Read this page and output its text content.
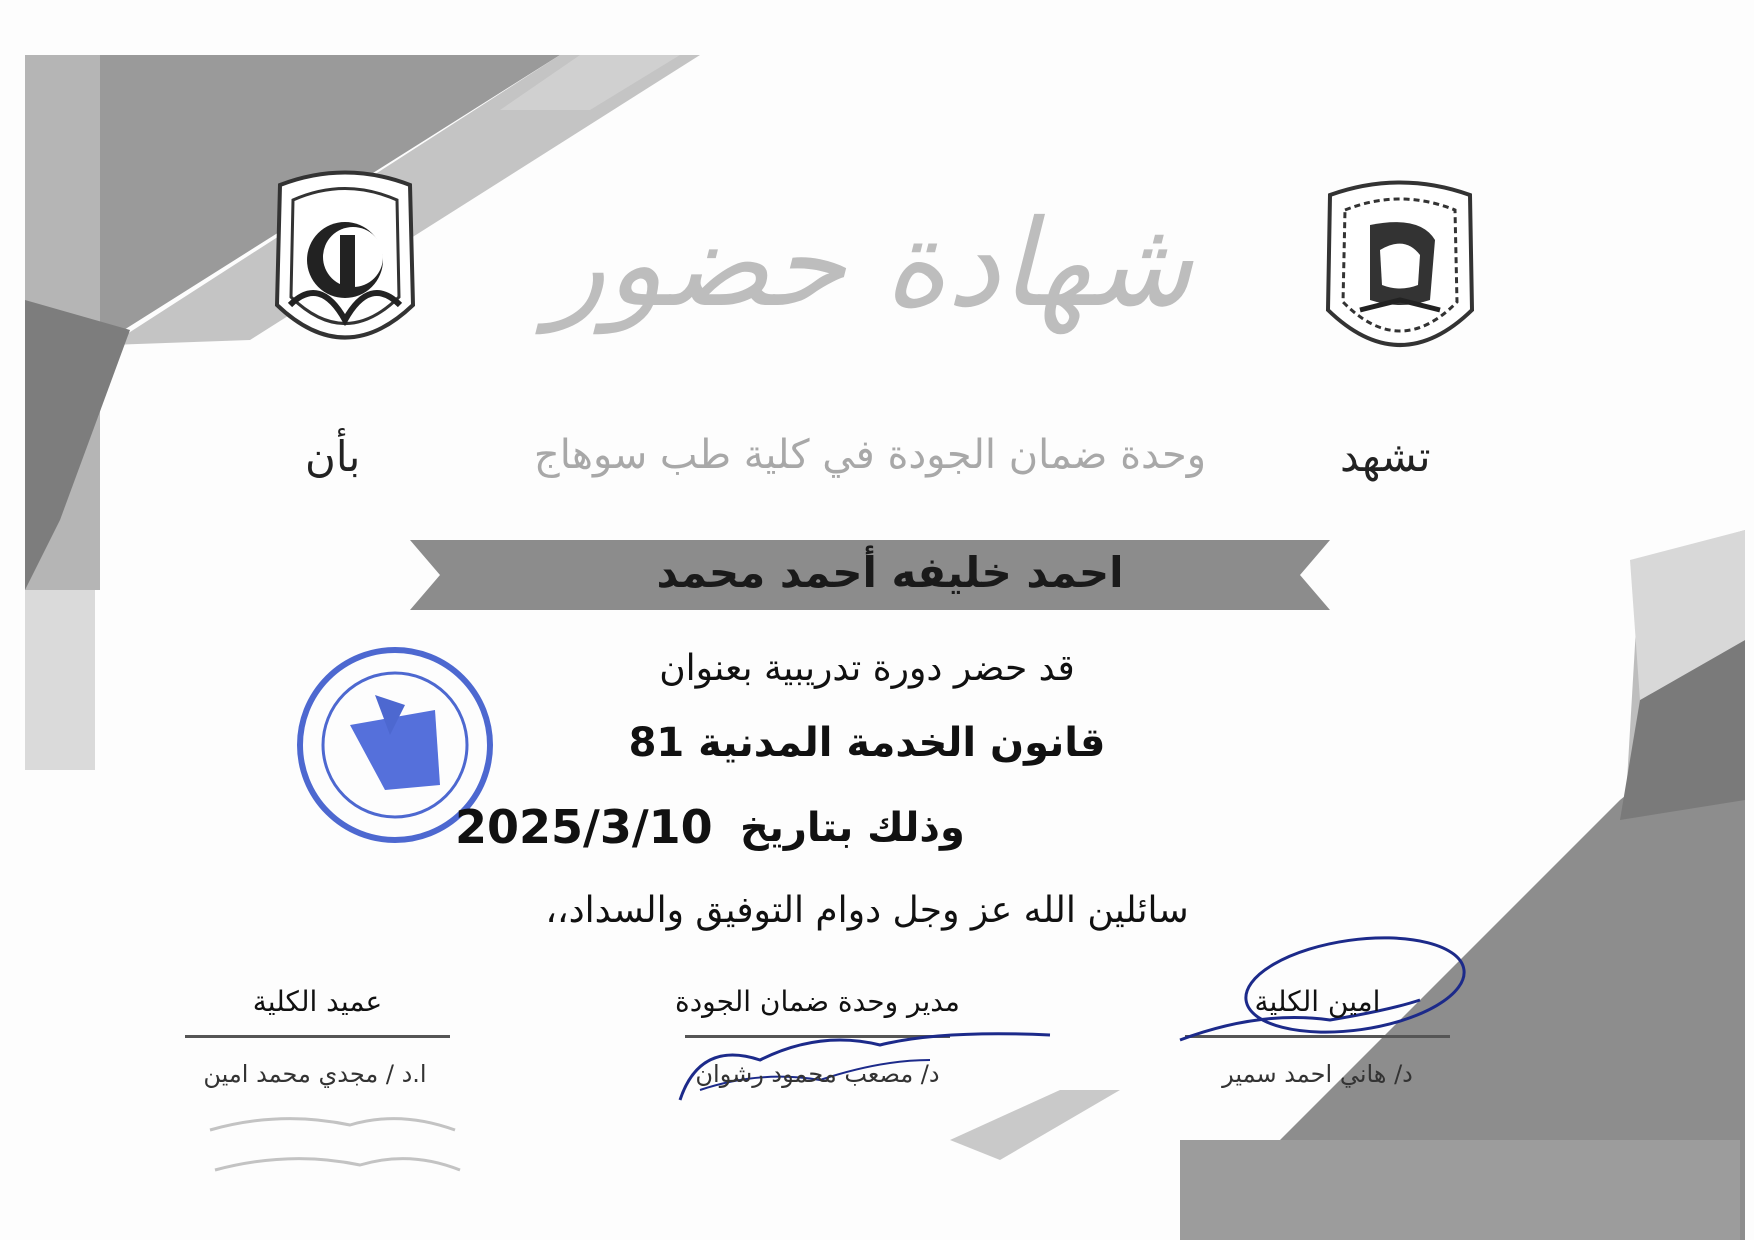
شهادة حضور
تشهد
وحدة ضمان الجودة في كلية طب سوهاج
بأن
احمد خليفه أحمد محمد
قد حضر دورة تدريبية بعنوان
قانون الخدمة المدنية 81
وذلك بتاريخ
2025/3/10
سائلين الله عز وجل دوام التوفيق والسداد،،
امين الكلية
د/ هاني احمد سمير
مدير وحدة ضمان الجودة
د/ مصعب محمود رشوان
عميد الكلية
ا.د / مجدي محمد امين
